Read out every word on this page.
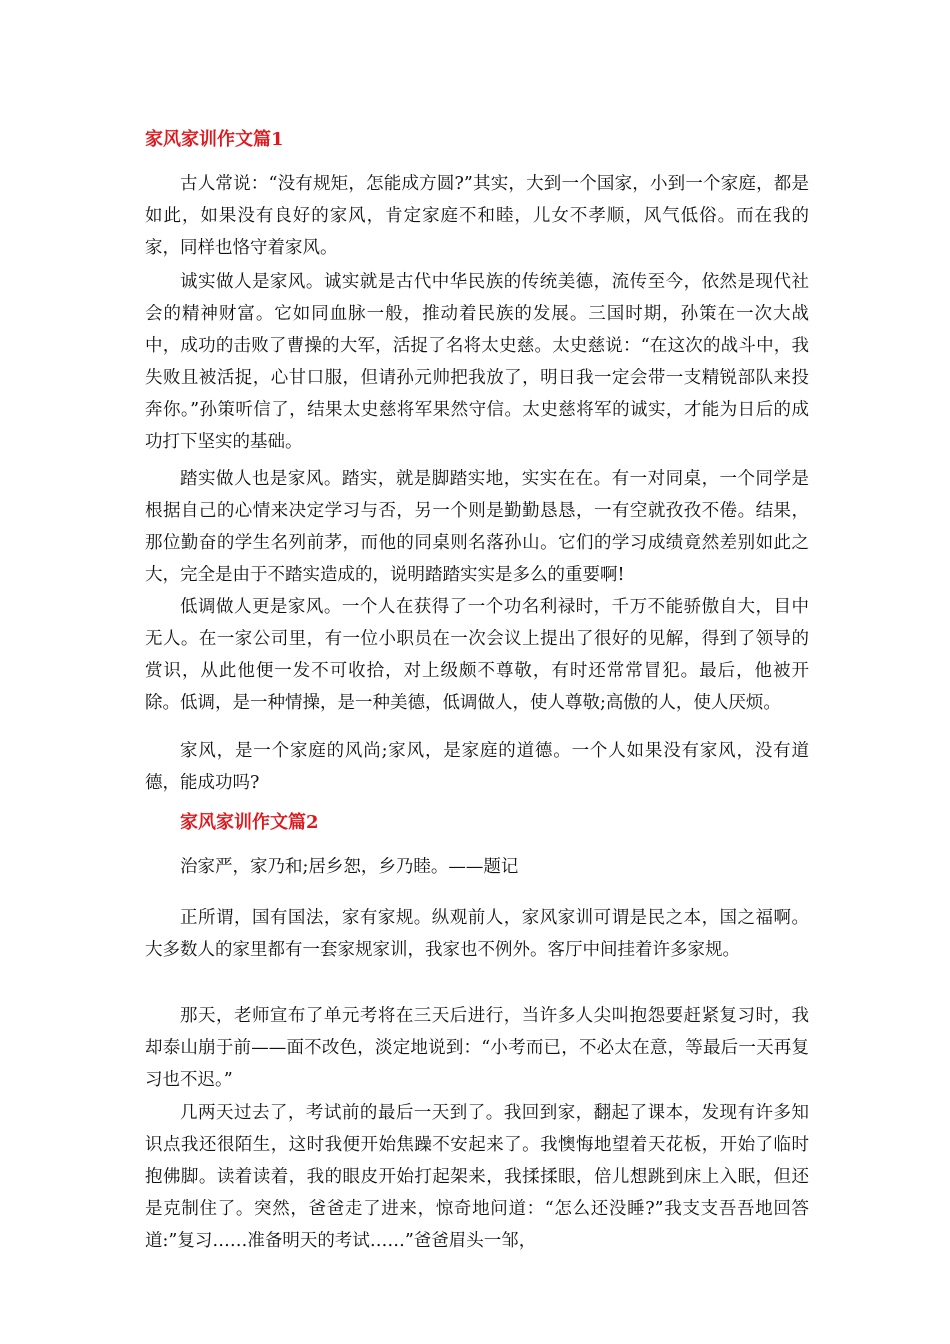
家风家训作文篇1

古人常说：“没有规矩，怎能成方圆?”其实，大到一个国家，小到一个家庭，都是如此，如果没有良好的家风，肯定家庭不和睦，儿女不孝顺，风气低俗。而在我的家，同样也恪守着家风。

诚实做人是家风。诚实就是古代中华民族的传统美德，流传至今，依然是现代社会的精神财富。它如同血脉一般，推动着民族的发展。三国时期，孙策在一次大战中，成功的击败了曹操的大军，活捉了名将太史慈。太史慈说：“在这次的战斗中，我失败且被活捉，心甘口服，但请孙元帅把我放了，明日我一定会带一支精锐部队来投奔你。”孙策听信了，结果太史慈将军果然守信。太史慈将军的诚实，才能为日后的成功打下坚实的基础。

踏实做人也是家风。踏实，就是脚踏实地，实实在在。有一对同桌，一个同学是根据自己的心情来决定学习与否，另一个则是勤勤恳恳，一有空就孜孜不倦。结果，那位勤奋的学生名列前茅，而他的同桌则名落孙山。它们的学习成绩竟然差别如此之大，完全是由于不踏实造成的，说明踏踏实实是多么的重要啊!

低调做人更是家风。一个人在获得了一个功名利禄时，千万不能骄傲自大，目中无人。在一家公司里，有一位小职员在一次会议上提出了很好的见解，得到了领导的赏识，从此他便一发不可收拾，对上级颇不尊敬，有时还常常冒犯。最后，他被开除。低调，是一种情操，是一种美德，低调做人，使人尊敬;高傲的人，使人厌烦。

家风，是一个家庭的风尚;家风，是家庭的道德。一个人如果没有家风，没有道德，能成功吗?

家风家训作文篇2

治家严，家乃和;居乡恕，乡乃睦。——题记

正所谓，国有国法，家有家规。纵观前人，家风家训可谓是民之本，国之福啊。大多数人的家里都有一套家规家训，我家也不例外。客厅中间挂着许多家规。

那天，老师宣布了单元考将在三天后进行，当许多人尖叫抱怨要赶紧复习时，我却泰山崩于前——面不改色，淡定地说到：“小考而已，不必太在意，等最后一天再复习也不迟。”

几两天过去了，考试前的最后一天到了。我回到家，翻起了课本，发现有许多知识点我还很陌生，这时我便开始焦躁不安起来了。我懊悔地望着天花板，开始了临时抱佛脚。读着读着，我的眼皮开始打起架来，我揉揉眼，倍儿想跳到床上入眠，但还是克制住了。突然，爸爸走了进来，惊奇地问道：“怎么还没睡?”我支支吾吾地回答道:”复习……准备明天的考试……”爸爸眉头一邹，
